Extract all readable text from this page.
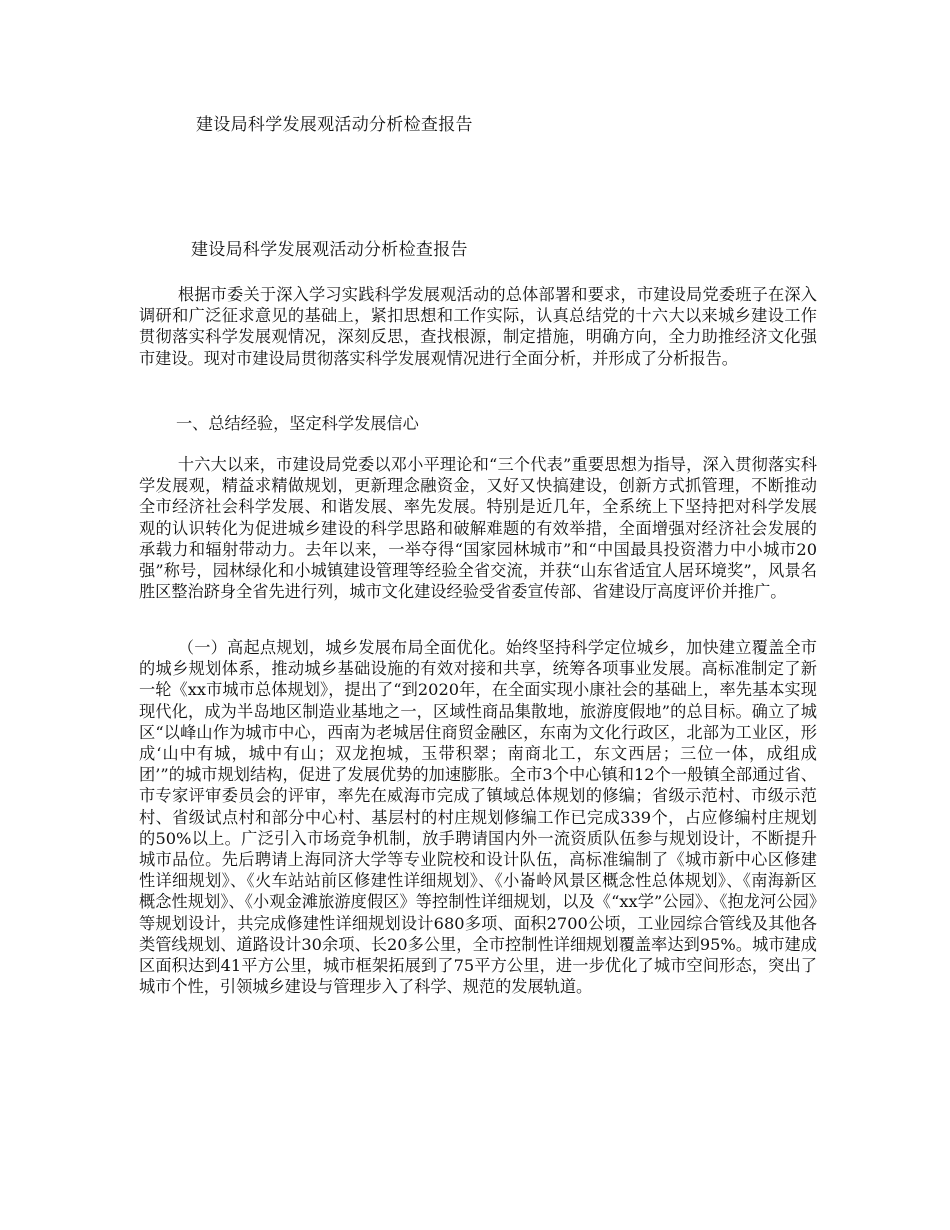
建设局科学发展观活动分析检查报告
建设局科学发展观活动分析检查报告

根据市委关于深入学习实践科学发展观活动的总体部署和要求，市建设局党委班子在深入调研和广泛征求意见的基础上，紧扣思想和工作实际，认真总结党的十六大以来城乡建设工作贯彻落实科学发展观情况，深刻反思，查找根源，制定措施，明确方向，全力助推经济文化强市建设。现对市建设局贯彻落实科学发展观情况进行全面分析，并形成了分析报告。

一、总结经验，坚定科学发展信心

十六大以来，市建设局党委以邓小平理论和“三个代表”重要思想为指导，深入贯彻落实科学发展观，精益求精做规划，更新理念融资金，又好又快搞建设，创新方式抓管理，不断推动全市经济社会科学发展、和谐发展、率先发展。特别是近几年，全系统上下坚持把对科学发展观的认识转化为促进城乡建设的科学思路和破解难题的有效举措，全面增强对经济社会发展的承载力和辐射带动力。去年以来，一举夺得“国家园林城市”和“中国最具投资潜力中小城市20强”称号，园林绿化和小城镇建设管理等经验全省交流，并获“山东省适宜人居环境奖”，风景名胜区整治跻身全省先进行列，城市文化建设经验受省委宣传部、省建设厅高度评价并推广。

（一）高起点规划，城乡发展布局全面优化。始终坚持科学定位城乡，加快建立覆盖全市的城乡规划体系，推动城乡基础设施的有效对接和共享，统筹各项事业发展。高标准制定了新一轮《xx市城市总体规划》，提出了“到2020年，在全面实现小康社会的基础上，率先基本实现现代化，成为半岛地区制造业基地之一，区域性商品集散地，旅游度假地”的总目标。确立了城区“以峰山作为城市中心，西南为老城居住商贸金融区，东南为文化行政区，北部为工业区，形成‘山中有城，城中有山；双龙抱城，玉带积翠；南商北工，东文西居；三位一体，成组成团’”的城市规划结构，促进了发展优势的加速膨胀。全市3个中心镇和12个一般镇全部通过省、市专家评审委员会的评审，率先在威海市完成了镇域总体规划的修编；省级示范村、市级示范村、省级试点村和部分中心村、基层村的村庄规划修编工作已完成339个，占应修编村庄规划的50%以上。广泛引入市场竞争机制，放手聘请国内外一流资质队伍参与规划设计，不断提升城市品位。先后聘请上海同济大学等专业院校和设计队伍，高标准编制了《城市新中心区修建性详细规划》、《火车站站前区修建性详细规划》、《小崙岭风景区概念性总体规划》、《南海新区概念性规划》、《小观金滩旅游度假区》等控制性详细规划，以及《“xx学”公园》、《抱龙河公园》等规划设计，共完成修建性详细规划设计680多项、面积2700公顷，工业园综合管线及其他各类管线规划、道路设计30余项、长20多公里，全市控制性详细规划覆盖率达到95%。城市建成区面积达到41平方公里，城市框架拓展到了75平方公里，进一步优化了城市空间形态，突出了城市个性，引领城乡建设与管理步入了科学、规范的发展轨道。
